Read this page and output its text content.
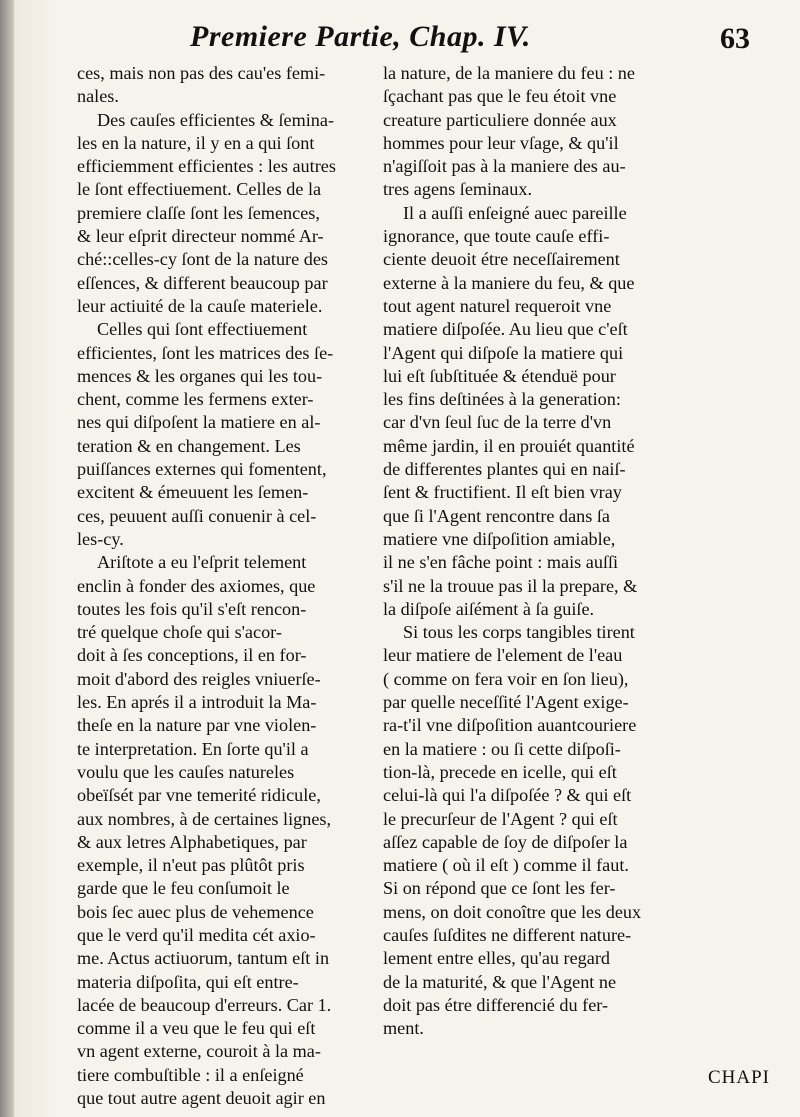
Premiere Partie, Chap. IV.	63
ces, mais non pas des cau'es femi-
nales.
Des cauſes efficientes & ſemina-
les en la nature, il y en a qui ſont
efficiemment efficientes : les autres
le ſont effectiuement. Celles de la
premiere claſſe ſont les ſemences,
& leur eſprit directeur nommé Ar-
ché::celles-cy ſont de la nature des
eſſences, & different beaucoup par
leur actiuité de la cauſe materiele.
Celles qui ſont effectiuement
efficientes, ſont les matrices des ſe-
mences & les organes qui les tou-
chent, comme les fermens exter-
nes qui diſpoſent la matiere en al-
teration & en changement. Les
puiſſances externes qui fomentent,
excitent & émeuuent les ſemen-
ces, peuuent auſſi conuenir à cel-
les-cy.
Ariſtote a eu l'eſprit telement
enclin à fonder des axiomes, que
toutes les fois qu'il s'eſt rencon-
tré quelque choſe qui s'acor-
doit à ſes conceptions, il en for-
moit d'abord des reigles vniuerſe-
les. En aprés il a introduit la Ma-
theſe en la nature par vne violen-
te interpretation. En ſorte qu'il a
voulu que les cauſes natureles
obeïſsét par vne temerité ridicule,
aux nombres, à de certaines lignes,
& aux letres Alphabetiques, par
exemple, il n'eut pas plûtôt pris
garde que le feu conſumoit le
bois ſec auec plus de vehemence
que le verd qu'il medita cét axio-
me. Actus actiuorum, tantum eſt in
materia diſpoſita, qui eſt entre-
lacée de beaucoup d'erreurs. Car 1.
comme il a veu que le feu qui eſt
vn agent externe, couroit à la ma-
tiere combuſtible : il a enſeigné
que tout autre agent deuoit agir en
la nature, de la maniere du feu : ne
ſçachant pas que le feu étoit vne
creature particuliere donnée aux
hommes pour leur vſage, & qu'il
n'agiſſoit pas à la maniere des au-
tres agens ſeminaux.
Il a auſſi enſeigné auec pareille
ignorance, que toute cauſe effi-
ciente deuoit étre neceſſairement
externe à la maniere du feu, & que
tout agent naturel requeroit vne
matiere diſpoſée. Au lieu que c'eſt
l'Agent qui diſpoſe la matiere qui
lui eſt ſubſtituée & étenduë pour
les fins deſtinées à la generation:
car d'vn ſeul ſuc de la terre d'vn
même jardin, il en prouiét quantité
de differentes plantes qui en naiſ-
ſent & fructifient. Il eſt bien vray
que ſi l'Agent rencontre dans ſa
matiere vne diſpoſition amiable,
il ne s'en fâche point : mais auſſi
s'il ne la trouue pas il la prepare, &
la diſpoſe aiſément à ſa guiſe.
Si tous les corps tangibles tirent
leur matiere de l'element de l'eau
( comme on fera voir en ſon lieu),
par quelle neceſſité l'Agent exige-
ra-t'il vne diſpoſition auantcouriere
en la matiere : ou ſi cette diſpoſi-
tion-là, precede en icelle, qui eſt
celui-là qui l'a diſpoſée ? & qui eſt
le precurſeur de l'Agent ? qui eſt
aſſez capable de ſoy de diſpoſer la
matiere ( où il eſt ) comme il faut.
Si on répond que ce ſont les fer-
mens, on doit conoître que les deux
cauſes ſuſdites ne different nature-
lement entre elles, qu'au regard
de la maturité, & que l'Agent ne
doit pas étre differencié du fer-
ment.
CHAPI
